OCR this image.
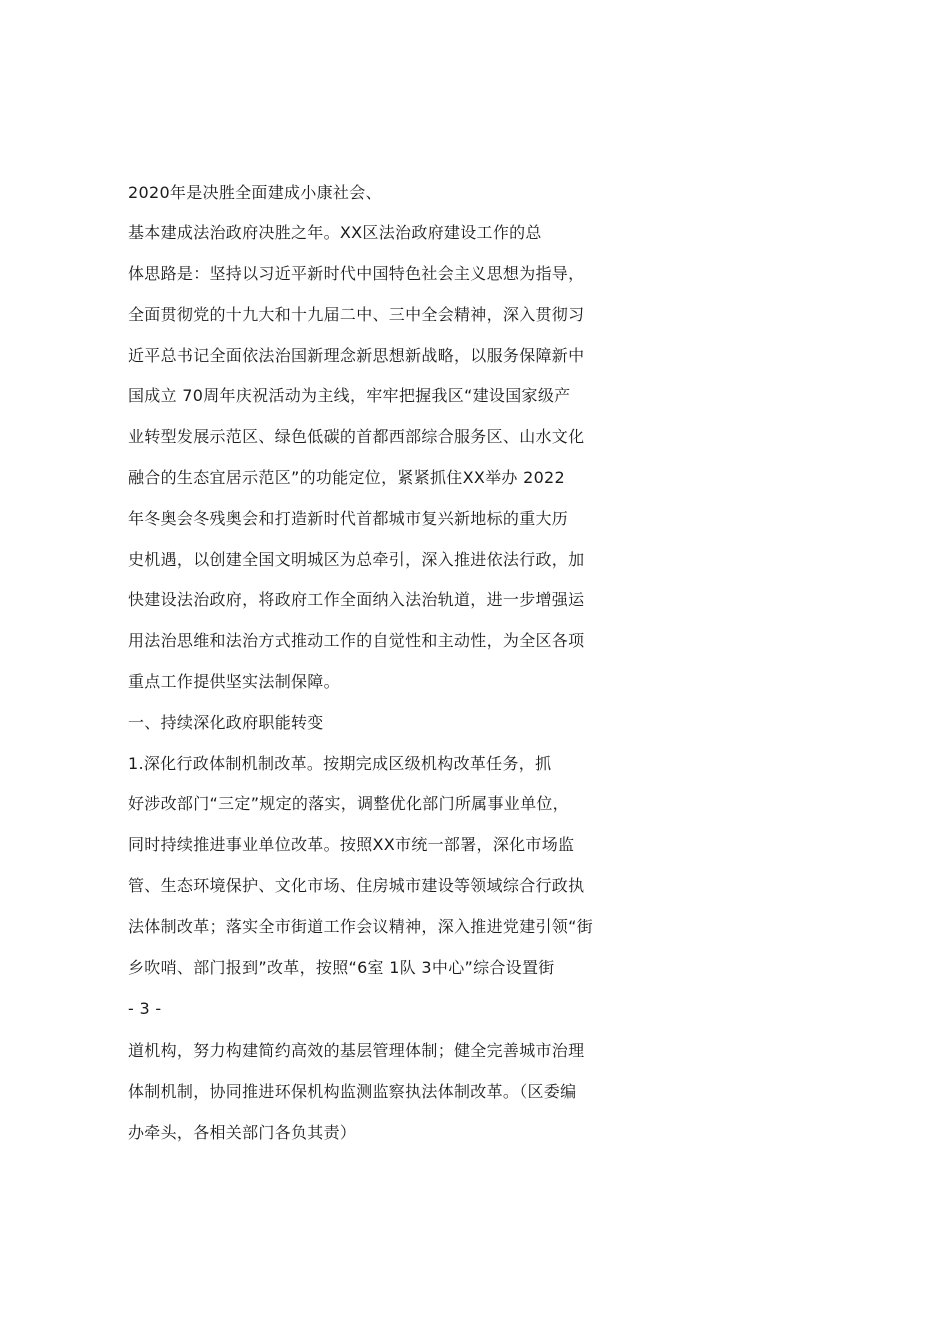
2020年是决胜全面建成小康社会、
基本建成法治政府决胜之年。XX区法治政府建设工作的总
体思路是：坚持以习近平新时代中国特色社会主义思想为指导，
全面贯彻党的十九大和十九届二中、三中全会精神，深入贯彻习
近平总书记全面依法治国新理念新思想新战略，以服务保障新中
国成立 70周年庆祝活动为主线，牢牢把握我区“建设国家级产
业转型发展示范区、绿色低碳的首都西部综合服务区、山水文化
融合的生态宜居示范区”的功能定位，紧紧抓住XX举办 2022
年冬奥会冬残奥会和打造新时代首都城市复兴新地标的重大历
史机遇，以创建全国文明城区为总牵引，深入推进依法行政，加
快建设法治政府，将政府工作全面纳入法治轨道，进一步增强运
用法治思维和法治方式推动工作的自觉性和主动性，为全区各项
重点工作提供坚实法制保障。
一、持续深化政府职能转变
1.深化行政体制机制改革。按期完成区级机构改革任务，抓
好涉改部门“三定”规定的落实，调整优化部门所属事业单位，
同时持续推进事业单位改革。按照XX市统一部署，深化市场监
管、生态环境保护、文化市场、住房城市建设等领域综合行政执
法体制改革；落实全市街道工作会议精神，深入推进党建引领“街
乡吹哨、部门报到”改革，按照“6室 1队 3中心”综合设置街
- 3 -
道机构，努力构建简约高效的基层管理体制；健全完善城市治理
体制机制，协同推进环保机构监测监察执法体制改革。（区委编
办牵头，各相关部门各负其责）
